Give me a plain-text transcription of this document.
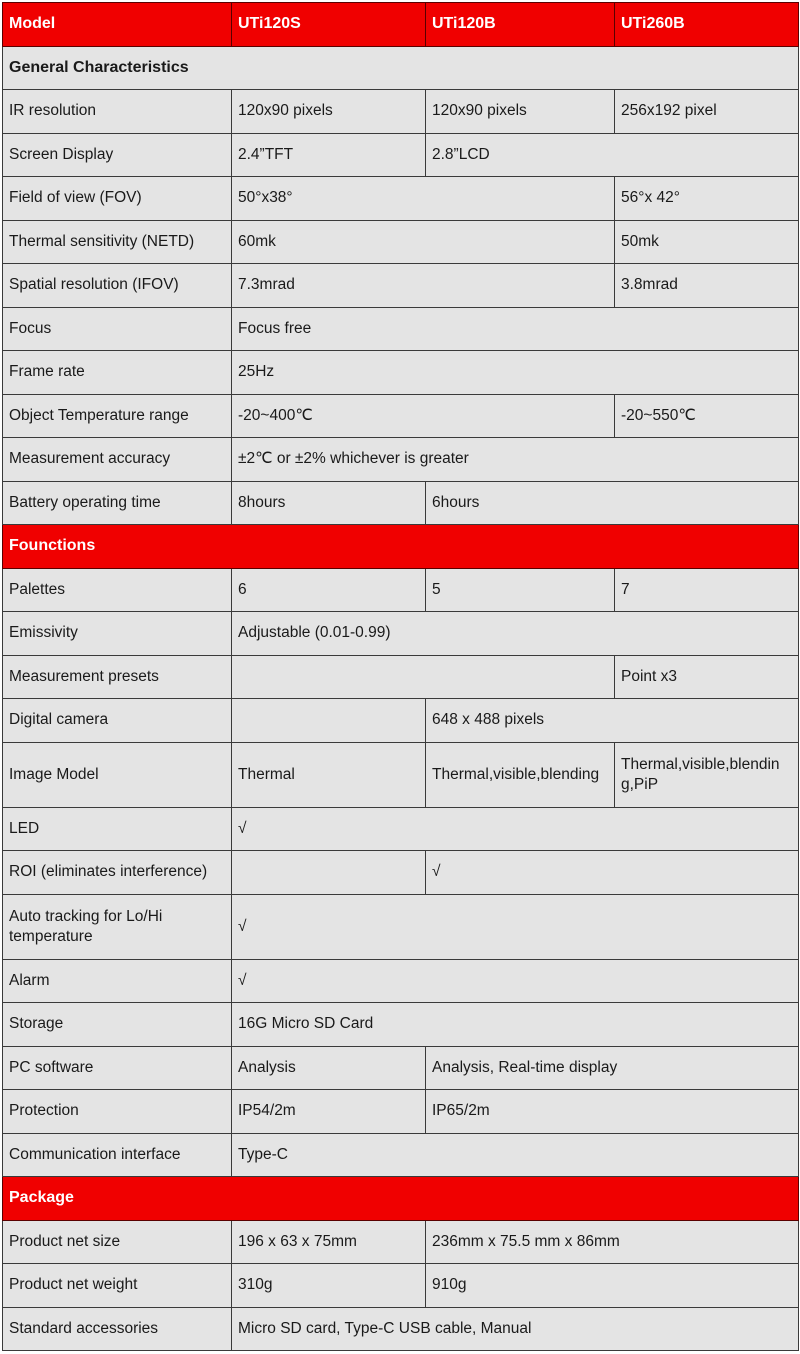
Model	UTi120S	UTi120B	UTi260B
General Characteristics			
IR resolution	120x90 pixels	120x90 pixels	256x192 pixel
Screen Display	2.4”TFT	2.8”LCD	
Field of view (FOV)	50°x38°		56°x 42°
Thermal sensitivity (NETD)	60mk		50mk
Spatial resolution (IFOV)	7.3mrad		3.8mrad
Focus	Focus free		
Frame rate	25Hz		
Object Temperature range	-20~400℃		-20~550℃
Measurement accuracy	±2℃ or ±2% whichever is greater		
Battery operating time	8hours	6hours	
Founctions			
Palettes	6	5	7
Emissivity	Adjustable (0.01-0.99)		
Measurement presets			Point x3
Digital camera		648 x 488 pixels	
Image Model	Thermal	Thermal,visible,blending	Thermal,visible,blending,PiP
LED	√		
ROI (eliminates interference)		√	
Auto tracking for Lo/Hi temperature	√		
Alarm	√		
Storage	16G Micro SD Card		
PC software	Analysis	Analysis, Real-time display	
Protection	IP54/2m	IP65/2m	
Communication interface	Type-C		
Package			
Product net size	196 x 63 x 75mm	236mm x 75.5 mm x 86mm	
Product net weight	310g	910g	
Standard accessories	Micro SD card, Type-C USB cable, Manual		
